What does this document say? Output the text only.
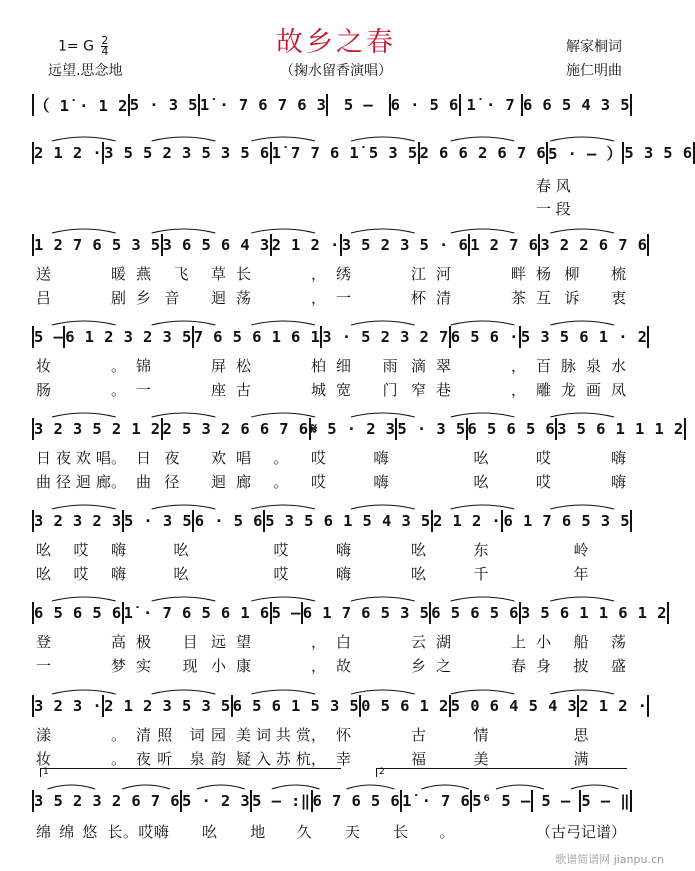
故乡之春
1= G $\frac{2}{4}$
远望.思念地	（掬水留香演唱）
解家桐词
施仁明曲
（ 1̇ · 1 2 5 · 3 5 1̇ · 7 6 7 6 3	5 –	6 · 5 6 1̇ · 7 6 6 5 4 3 5
2 1 2 · 3 5 5 2 3 5 3 5 6 1̇ 7 7 6 1̇ 5 3 5 2 6 6 2 6 7 6 5 · – ） 5 3 5 6
春 风
一 段
1 2 7 6 5 3 5 3 6 5 6 4 3 2 1 2 · 3 5 2 3 5 · 6 1 2 7 6 3 2 2 6 7 6
送 暖 燕 飞 草 长， 绣 江 河 畔 杨柳 梳
吕 剧 乡音 迴 荡， 一 杯 清 茶 互诉 衷
5 – 6 1 2 3 2 3 5 7 6 5 6 1 6 1 3 · 5 2 3 2 7 6 5 6 · 5 3 5 6 1 · 2
妆。 锦 屏 松 柏 细 雨滴 翠， 百 脉 泉 水
肠。 一 座 古 城 宽 门窄 巷， 雕 龙 画 凤
3 2 3 5 2 1 2 2 5 3 2 6 6 7 6 𝄋 5 · 2 3 5 · 3 5 6 5 6 5 6 3 5 6 1 1 1 2
日 夜 欢 唱。 日夜 欢 唱。哎	嗨	吆	哎 嗨
曲 径 迴 廊。 曲径 迴 廊。哎	嗨	吆	哎 嗨
3 2 3 2 3 5 · 3 5 6 · 5 6 5 3 5 6 1 5 4 3 5 2 1 2 · 6 1 7 6 5 3 5
吆 哎 嗨	吆	哎	嗨 吆	东	岭
吆 哎 嗨	吆	哎	嗨 吆	千	年
6 5 6 5 6 1̇ · 7 6 5 6 1 6 5 – 6 1 7 6 5 3 5 6 5 6 5 6 3 5 6 1 1 6 1 2
登 高 极 目远 望， 白 云 湖 上 小 船 荡
一 梦 实 现小 康， 故 乡 之 春 身 披 盛
3 2 3 · 2 1 2 3 5 3 5 6 5 6 1 5 3 5 0 5 6 1 2 5 0 6 4 5 4 3 2 1 2 ·
漾。 清照 词园 美 词 共 赏， 怀 古	情	思
妆。 夜听 泉韵 疑 入 苏 杭， 幸 福	美	满
3 5 2 3 2 6 7 6 5 · 2 3 5 – :‖ 6 7 6 5 6 1̇ · 7 6 5⁶ 5 – 5 – 5 – ‖
绵 绵 悠 长。哎嗨	吆	地 久	天	长。	（古弓记谱）
1	2
歌谱简谱网 jianpu.cn
